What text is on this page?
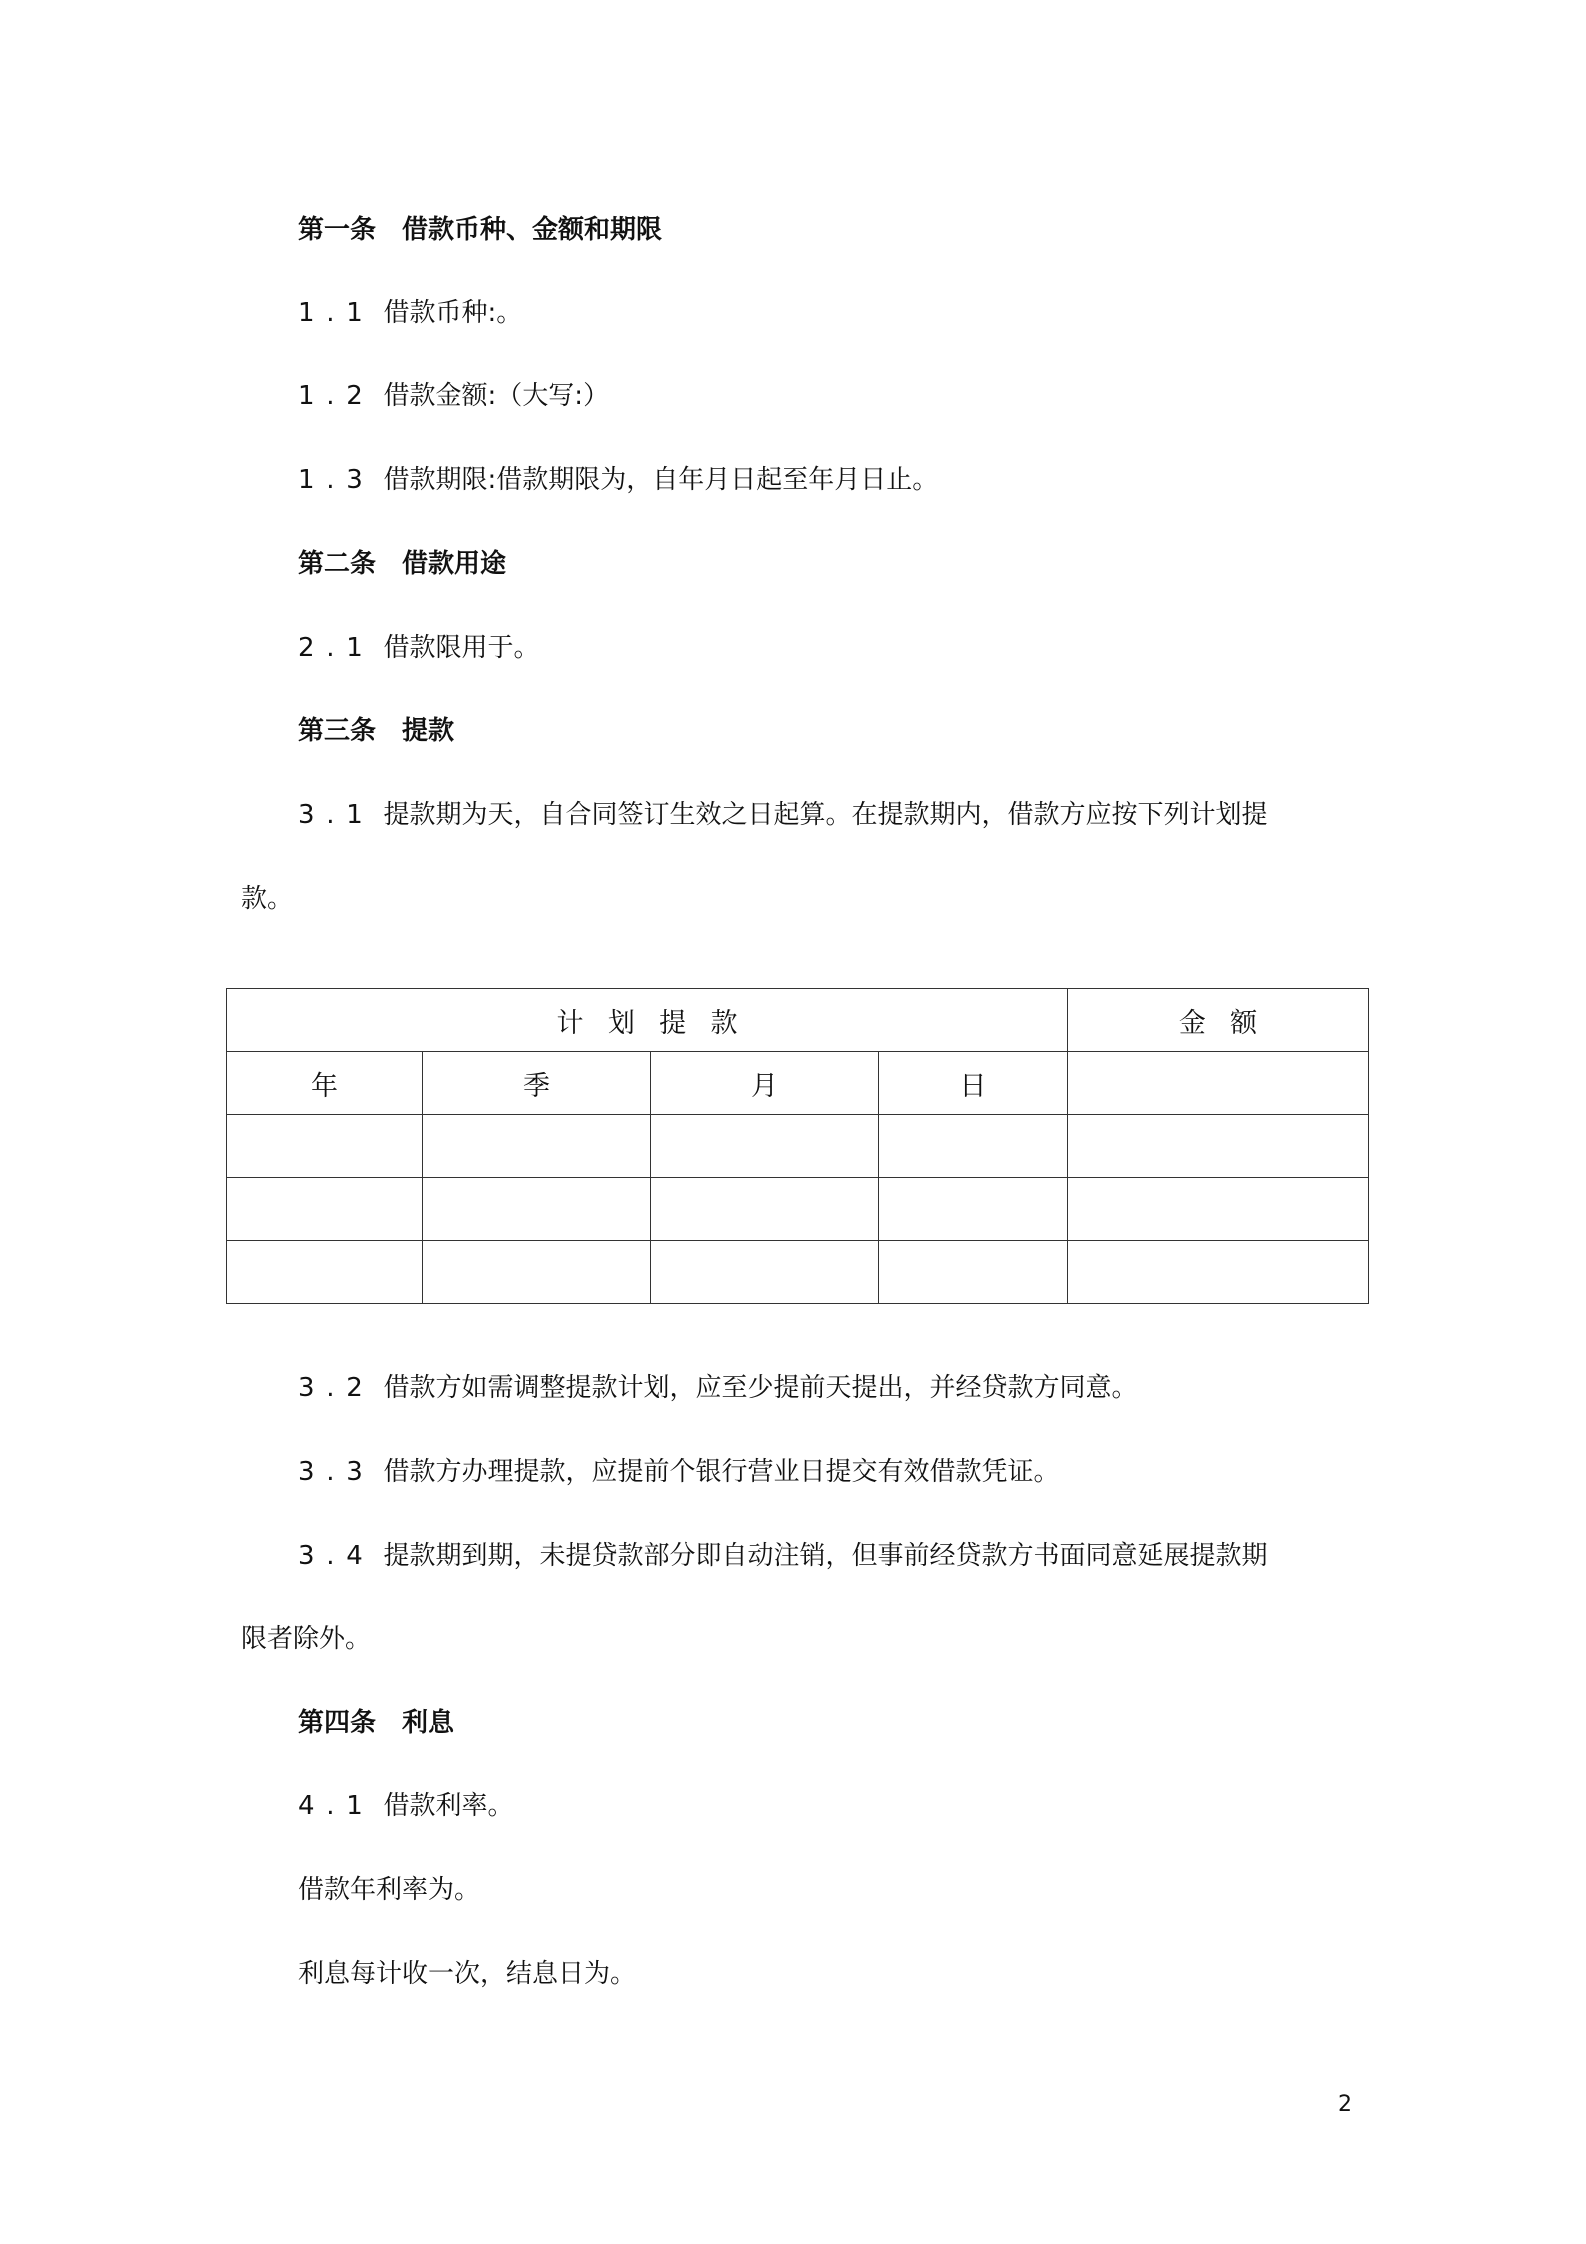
第一条　借款币种、金额和期限
1.1 借款币种:。
1.2 借款金额:（大写:）
1.3 借款期限:借款期限为，自年月日起至年月日止。
第二条　借款用途
2.1 借款限用于。
第三条　提款
3.1 提款期为天，自合同签订生效之日起算。在提款期内，借款方应按下列计划提
款。
计划提款				金额
年	季	月	日	

3.2 借款方如需调整提款计划，应至少提前天提出，并经贷款方同意。
3.3 借款方办理提款，应提前个银行营业日提交有效借款凭证。
3.4 提款期到期，未提贷款部分即自动注销，但事前经贷款方书面同意延展提款期
限者除外。
第四条　利息
4.1 借款利率。
借款年利率为。
利息每计收一次，结息日为。
2
